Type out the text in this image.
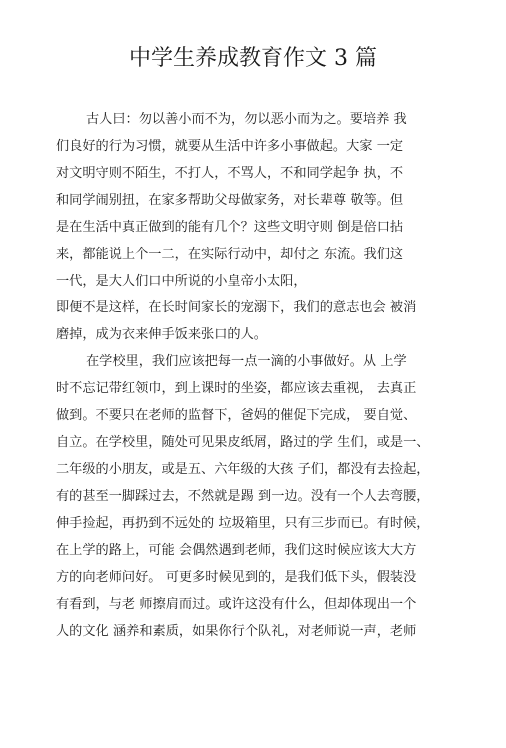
中学生养成教育作文 3 篇
古人曰：勿以善小而不为，勿以恶小而为之。要培养 我
们良好的行为习惯，就要从生活中许多小事做起。大家 一定
对文明守则不陌生，不打人，不骂人，不和同学起争 执，不
和同学闹别扭，在家多帮助父母做家务，对长辈尊 敬等。但
是在生活中真正做到的能有几个？这些文明守则 倒是倍口拈
来，都能说上个一二，在实际行动中，却付之 东流。我们这
一代，是大人们口中所说的小皇帝小太阳，
即便不是这样，在长时间家长的宠溺下，我们的意志也会 被消
磨掉，成为衣来伸手饭来张口的人。
在学校里，我们应该把每一点一滴的小事做好。从 上学
时不忘记带红领巾，到上课时的坐姿，都应该去重视， 去真正
做到。不要只在老师的监督下，爸妈的催促下完成， 要自觉、
自立。在学校里，随处可见果皮纸屑，路过的学 生们，或是一、
二年级的小朋友，或是五、六年级的大孩 子们，都没有去捡起，
有的甚至一脚踩过去，不然就是踢 到一边。没有一个人去弯腰，
伸手捡起，再扔到不远处的 垃圾箱里，只有三步而已。有时候，
在上学的路上，可能 会偶然遇到老师，我们这时候应该大大方
方的向老师问好。 可更多时候见到的，是我们低下头，假装没
有看到，与老 师擦肩而过。或许这没有什么，但却体现出一个
人的文化 涵养和素质，如果你行个队礼，对老师说一声，老师
